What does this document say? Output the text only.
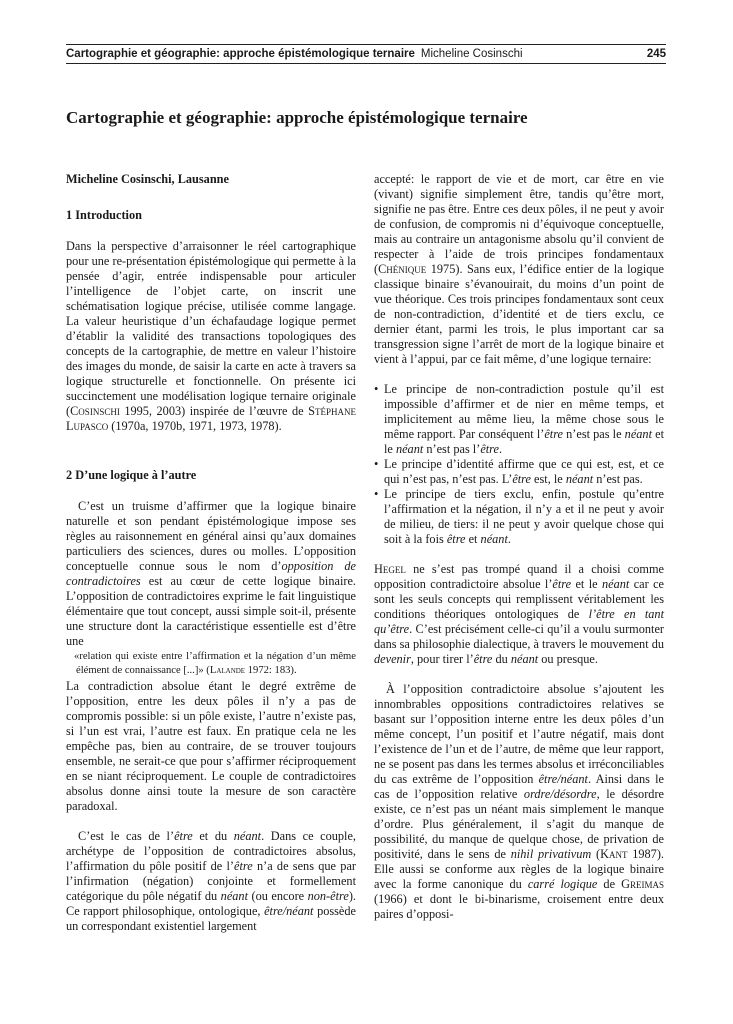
Cartographie et géographie: approche épistémologique ternaire Micheline Cosinschi	245
Cartographie et géographie: approche épistémologique ternaire
Micheline Cosinschi, Lausanne
1 Introduction

Dans la perspective d’arraisonner le réel cartographique pour une re-présentation épistémologique qui permette à la pensée d’agir, entrée indispensable pour articuler l’intelligence de l’objet carte, on inscrit une schématisation logique précise, utilisée comme langage. La valeur heuristique d’un échafaudage logique permet d’établir la validité des transactions topologiques des concepts de la cartographie, de mettre en valeur l’histoire des images du monde, de saisir la carte en acte à travers sa logique structurelle et fonctionnelle. On présente ici succinctement une modélisation logique ternaire originale (Cosinschi 1995, 2003) inspirée de l’œuvre de Stéphane Lupasco (1970a, 1970b, 1971, 1973, 1978).

2 D’une logique à l’autre

C’est un truisme d’affirmer que la logique binaire naturelle et son pendant épistémologique impose ses règles au raisonnement en général ainsi qu’aux domaines particuliers des sciences, dures ou molles. L’opposition conceptuelle connue sous le nom d’opposition de contradictoires est au cœur de cette logique binaire. L’opposition de contradictoires exprime le fait linguistique élémentaire que tout concept, aussi simple soit-il, présente une structure dont la caractéristique essentielle est d’être une

«relation qui existe entre l’affirmation et la négation d’un même élément de connaissance [...]» (Lalande 1972: 183).

La contradiction absolue étant le degré extrême de l’opposition, entre les deux pôles il n’y a pas de compromis possible: si un pôle existe, l’autre n’existe pas, si l’un est vrai, l’autre est faux. En pratique cela ne les empêche pas, bien au contraire, de se trouver toujours ensemble, ne serait-ce que pour s’affirmer réciproquement en se niant réciproquement. Le couple de contradictoires absolus donne ainsi toute la mesure de son caractère paradoxal.

C’est le cas de l’être et du néant. Dans ce couple, archétype de l’opposition de contradictoires absolus, l’affirmation du pôle positif de l’être n’a de sens que par l’infirmation (négation) conjointe et formellement catégorique du pôle négatif du néant (ou encore non-être). Ce rapport philosophique, ontologique, être/néant possède un correspondant existentiel largement

accepté: le rapport de vie et de mort, car être en vie (vivant) signifie simplement être, tandis qu’être mort, signifie ne pas être. Entre ces deux pôles, il ne peut y avoir de confusion, de compromis ni d’équivoque conceptuelle, mais au contraire un antagonisme absolu qu’il convient de respecter à l’aide de trois principes fondamentaux (Chénique 1975). Sans eux, l’édifice entier de la logique classique binaire s’évanouirait, du moins d’un point de vue théorique. Ces trois principes fondamentaux sont ceux de non-contradiction, d’identité et de tiers exclu, ce dernier étant, parmi les trois, le plus important car sa transgression signe l’arrêt de mort de la logique binaire et vient à l’appui, par ce fait même, d’une logique ternaire:

• Le principe de non-contradiction postule qu’il est impossible d’affirmer et de nier en même temps, et implicitement au même lieu, la même chose sous le même rapport. Par conséquent l’être n’est pas le néant et le néant n’est pas l’être.
• Le principe d’identité affirme que ce qui est, est, et ce qui n’est pas, n’est pas. L’être est, le néant n’est pas.
• Le principe de tiers exclu, enfin, postule qu’entre l’affirmation et la négation, il n’y a et il ne peut y avoir de milieu, de tiers: il ne peut y avoir quelque chose qui soit à la fois être et néant.

Hegel ne s’est pas trompé quand il a choisi comme opposition contradictoire absolue l’être et le néant car ce sont les seuls concepts qui remplissent véritablement les conditions théoriques ontologiques de l’être en tant qu’être. C’est précisément celle-ci qu’il a voulu surmonter dans sa philosophie dialectique, à travers le mouvement du devenir, pour tirer l’être du néant ou presque.

À l’opposition contradictoire absolue s’ajoutent les innombrables oppositions contradictoires relatives se basant sur l’opposition interne entre les deux pôles d’un même concept, l’un positif et l’autre négatif, mais dont l’existence de l’un et de l’autre, de même que leur rapport, ne se posent pas dans les termes absolus et irréconciliables du cas extrême de l’opposition être/néant. Ainsi dans le cas de l’opposition relative ordre/désordre, le désordre existe, ce n’est pas un néant mais simplement le manque d’ordre. Plus généralement, il s’agit du manque de possibilité, du manque de quelque chose, de privation de positivité, dans le sens de nihil privativum (Kant 1987). Elle aussi se conforme aux règles de la logique binaire avec la forme canonique du carré logique de Greimas (1966) et dont le bi-binarisme, croisement entre deux paires d’opposi-
